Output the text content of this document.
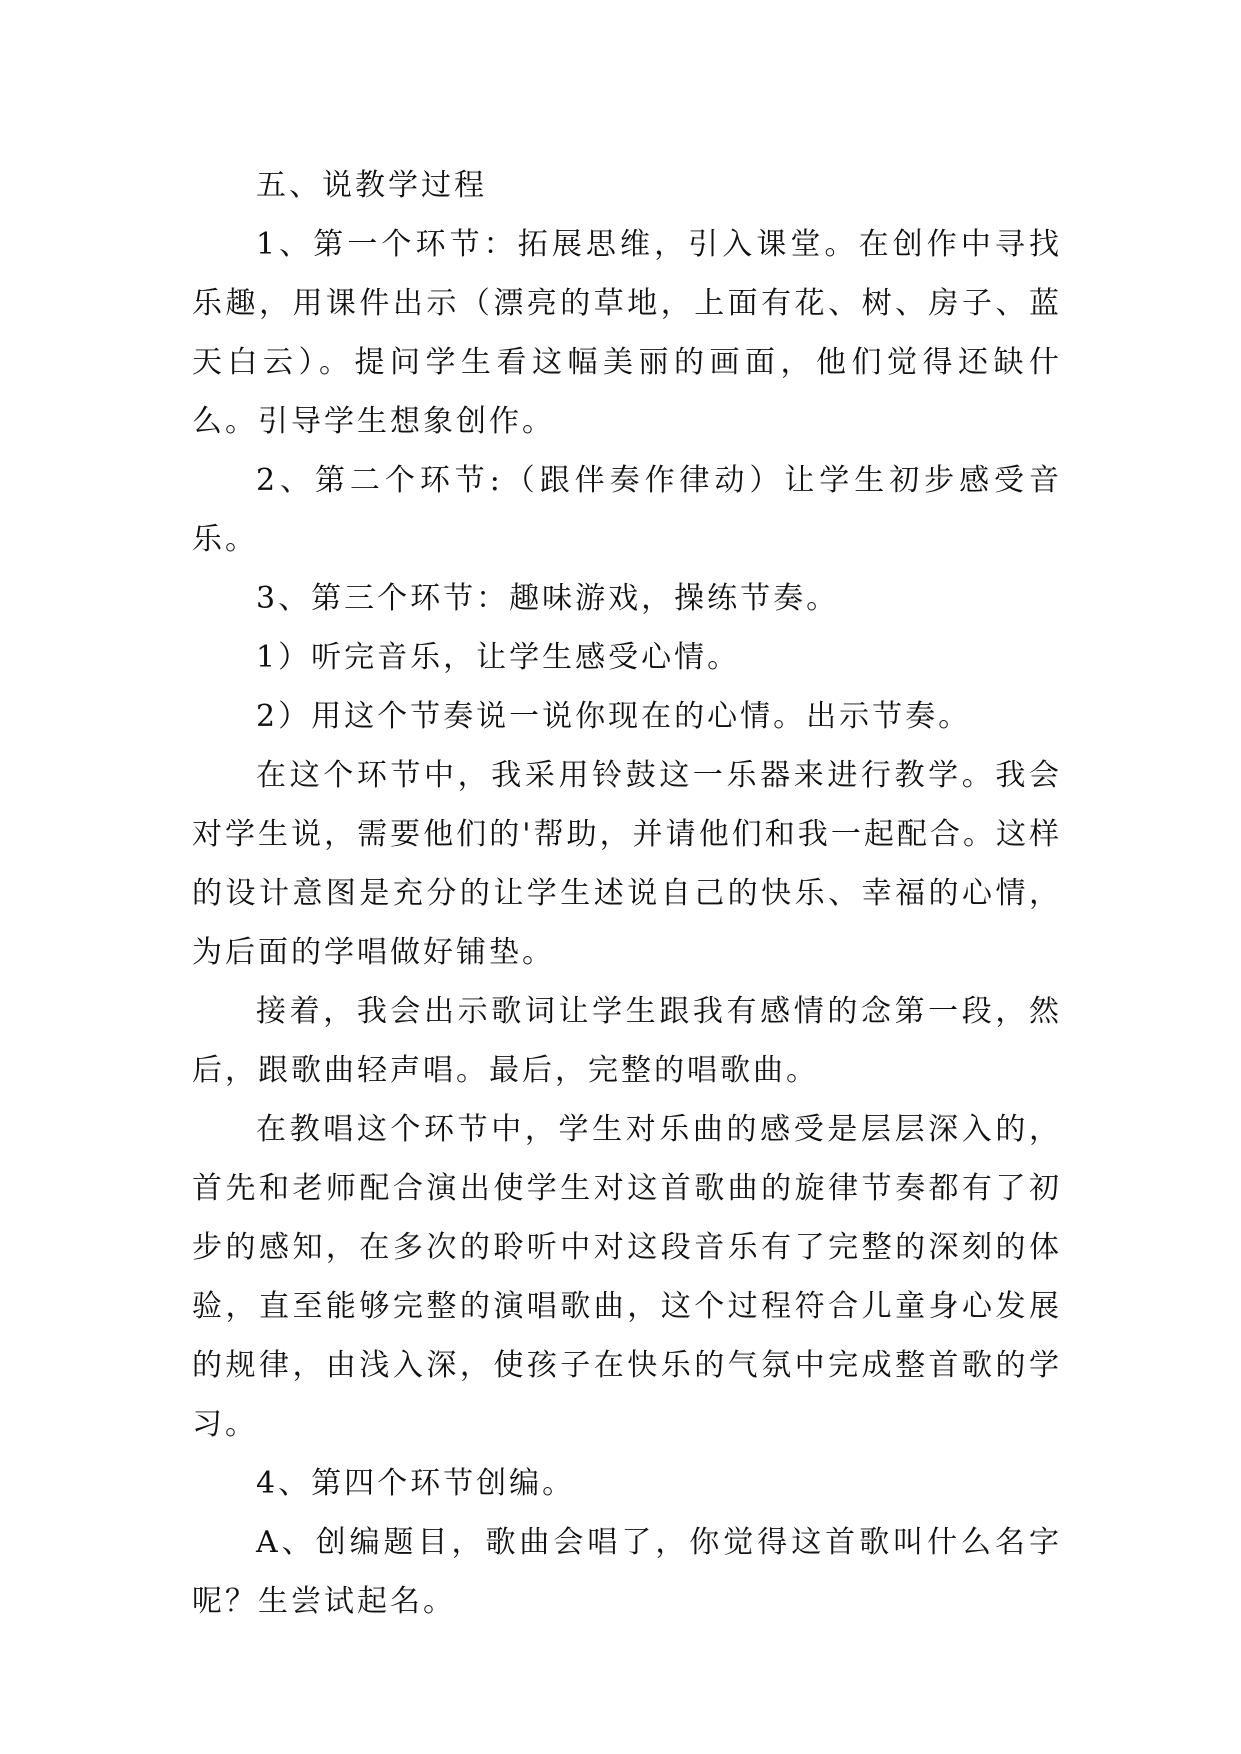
五、说教学过程

1、第一个环节：拓展思维，引入课堂。在创作中寻找乐趣，用课件出示（漂亮的草地，上面有花、树、房子、蓝天白云）。提问学生看这幅美丽的画面，他们觉得还缺什么。引导学生想象创作。

2、第二个环节:（跟伴奏作律动）让学生初步感受音乐。

3、第三个环节：趣味游戏，操练节奏。

1）听完音乐，让学生感受心情。

2）用这个节奏说一说你现在的心情。出示节奏。

在这个环节中，我采用铃鼓这一乐器来进行教学。我会对学生说，需要他们的'帮助，并请他们和我一起配合。这样的设计意图是充分的让学生述说自己的快乐、幸福的心情，为后面的学唱做好铺垫。

接着，我会出示歌词让学生跟我有感情的念第一段，然后，跟歌曲轻声唱。最后，完整的唱歌曲。

在教唱这个环节中，学生对乐曲的感受是层层深入的，首先和老师配合演出使学生对这首歌曲的旋律节奏都有了初步的感知，在多次的聆听中对这段音乐有了完整的深刻的体验，直至能够完整的演唱歌曲，这个过程符合儿童身心发展的规律，由浅入深，使孩子在快乐的气氛中完成整首歌的学习。

4、第四个环节创编。

A、创编题目，歌曲会唱了，你觉得这首歌叫什么名字呢？生尝试起名。
